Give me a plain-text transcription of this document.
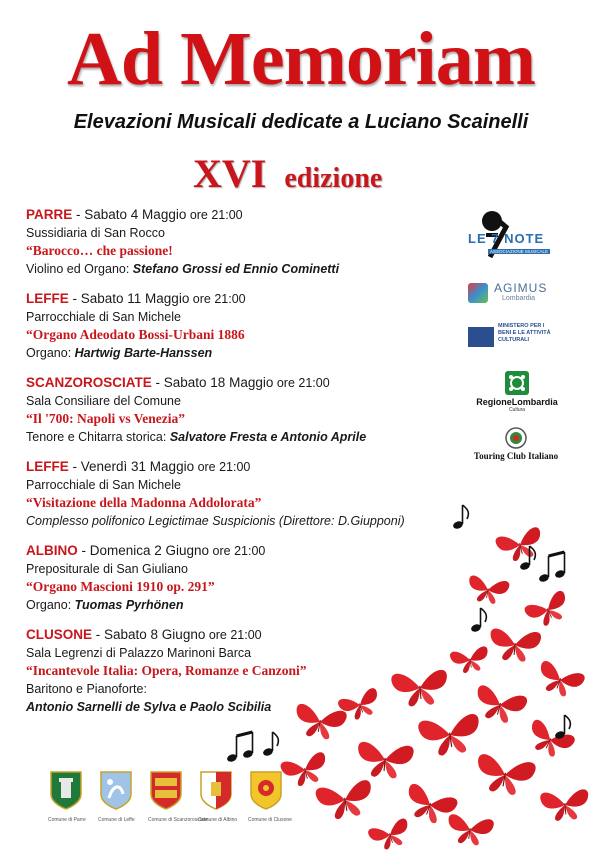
Ad Memoriam
Elevazioni Musicali dedicate a Luciano Scainelli
XVI edizione
PARRE - Sabato 4 Maggio ore 21:00
Sussidiaria di San Rocco
“Barocco… che passione!
Violino ed Organo: Stefano Grossi ed Ennio Cominetti
LEFFE - Sabato 11 Maggio ore 21:00
Parrocchiale di San Michele
“Organo Adeodato Bossi-Urbani 1886
Organo: Hartwig Barte-Hanssen
SCANZOROSCIATE - Sabato 18 Maggio ore 21:00
Sala Consiliare del Comune
“Il '700: Napoli vs Venezia”
Tenore e Chitarra storica: Salvatore Fresta e Antonio Aprile
LEFFE - Venerdì 31 Maggio ore 21:00
Parrocchiale di San Michele
“Visitazione della Madonna Addolorata”
Complesso polifonico Legictimae Suspicionis (Direttore: D.Giupponi)
ALBINO - Domenica 2 Giugno ore 21:00
Prepositurale di San Giuliano
“Organo Mascioni 1910 op. 291”
Organo: Tuomas Pyrhönen
CLUSONE - Sabato 8 Giugno ore 21:00
Sala Legrenzi di Palazzo Marinoni Barca
“Incantevole Italia: Opera, Romanze e Canzoni”
Baritono e Pianoforte:
Antonio Sarnelli de Sylva e Paolo Scibilia
LE 7 NOTE
ASSOCIAZIONE MUSICALE
AGIMUS
Lombardia
MINISTERO PER I BENI E LE ATTIVITÀ CULTURALI
RegioneLombardia
Cultura
Touring Club Italiano
Comune di Parre Comune di Leffe	Comune di Scanzorosciate
Comune di Albino Comune di Clusone
